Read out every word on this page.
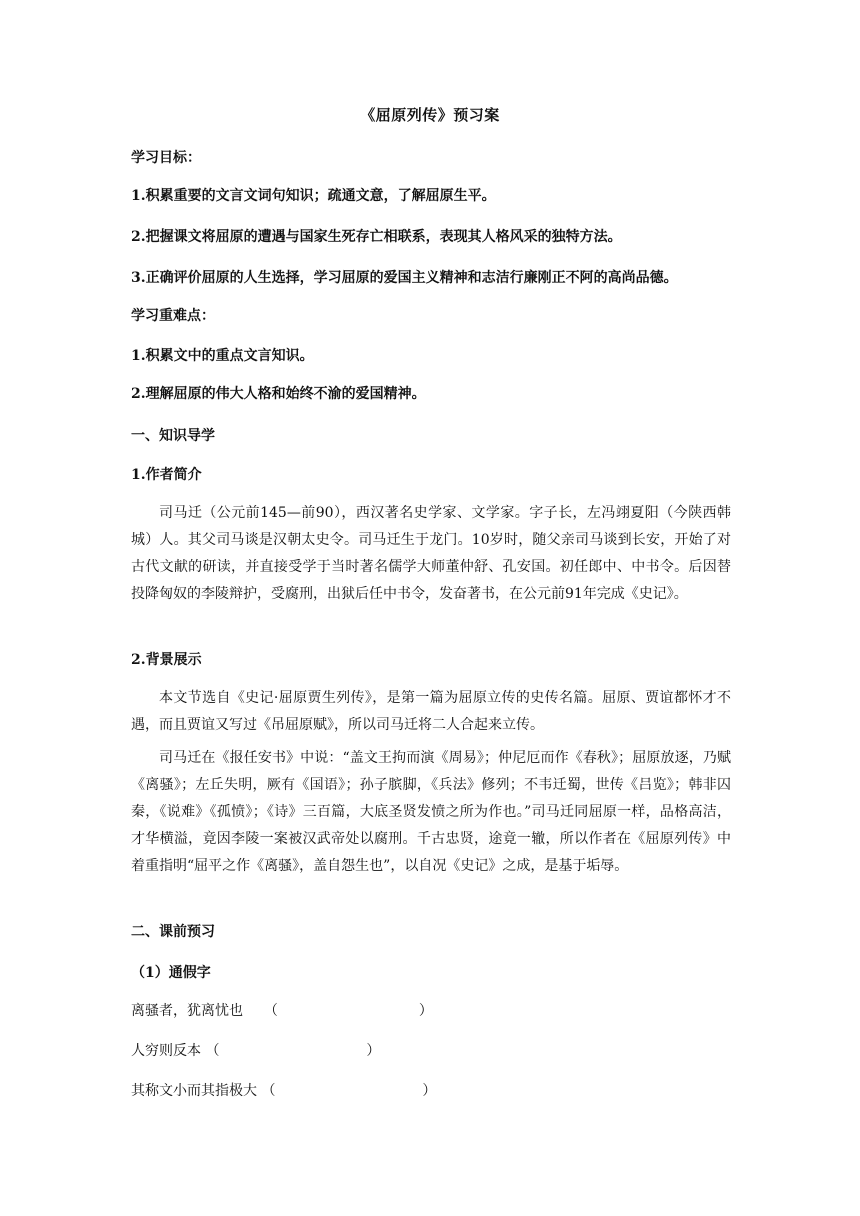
《屈原列传》预习案
学习目标：
1.积累重要的文言文词句知识；疏通文意，了解屈原生平。
2.把握课文将屈原的遭遇与国家生死存亡相联系，表现其人格风采的独特方法。
3.正确评价屈原的人生选择，学习屈原的爱国主义精神和志洁行廉刚正不阿的高尚品德。
学习重难点：
1.积累文中的重点文言知识。
2.理解屈原的伟大人格和始终不渝的爱国精神。
一、知识导学
1.作者简介

司马迁（公元前145—前90），西汉著名史学家、文学家。字子长，左冯翊夏阳（今陕西韩城）人。其父司马谈是汉朝太史令。司马迁生于龙门。10岁时，随父亲司马谈到长安，开始了对古代文献的研读，并直接受学于当时著名儒学大师董仲舒、孔安国。初任郎中、中书令。后因替投降匈奴的李陵辩护，受腐刑，出狱后任中书令，发奋著书，在公元前91年完成《史记》。

2.背景展示

本文节选自《史记·屈原贾生列传》，是第一篇为屈原立传的史传名篇。屈原、贾谊都怀才不遇，而且贾谊又写过《吊屈原赋》，所以司马迁将二人合起来立传。

司马迁在《报任安书》中说：“盖文王拘而演《周易》；仲尼厄而作《春秋》；屈原放逐，乃赋《离骚》；左丘失明，厥有《国语》；孙子膑脚，《兵法》修列；不韦迁蜀，世传《吕览》；韩非囚秦，《说难》《孤愤》；《诗》三百篇，大底圣贤发愤之所为作也。”司马迁同屈原一样，品格高洁，才华横溢，竟因李陵一案被汉武帝处以腐刑。千古忠贤，途竟一辙，所以作者在《屈原列传》中着重指明“屈平之作《离骚》，盖自怨生也”，以自况《史记》之成，是基于垢辱。

二、课前预习
（1）通假字
离骚者，犹离忧也 （	）
人穷则反本 （	）
其称文小而其指极大 （	）
